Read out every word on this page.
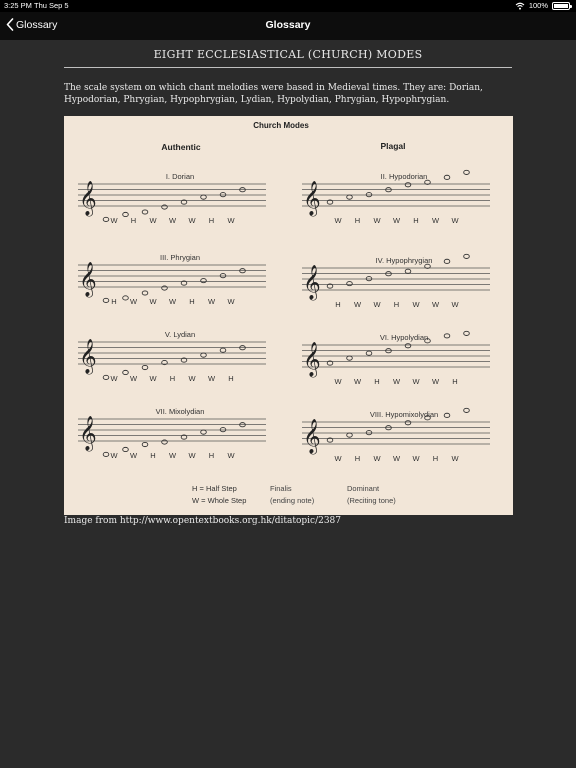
3:25 PM Thu Sep 5	100%
Glossary	Glossary
EIGHT ECCLESIASTICAL (CHURCH) MODES
The scale system on which chant melodies were based in Medieval times. They are: Dorian, Hypodorian, Phrygian, Hypophrygian, Lydian, Hypolydian, Phrygian, Hypophrygian.
Church Modes
Authentic	Plagal
I. Dorian
𝄞
W H W W W H W
II. Hypodorian
𝄞
W H W W H W W
III. Phrygian
𝄞
H W W W H W W
IV. Hypophrygian
𝄞
H W W H W W W
V. Lydian
𝄞
W W W H W W H
VI. Hypolydian
𝄞
W W H W W W H
VII. Mixolydian
𝄞
W W H W W H W
VIII. Hypomixolydian
𝄞
W H W W W H W
H = Half Step
W = Whole Step
Finalis
(ending note)
Dominant
(Reciting tone)
Image from http://www.opentextbooks.org.hk/ditatopic/2387
